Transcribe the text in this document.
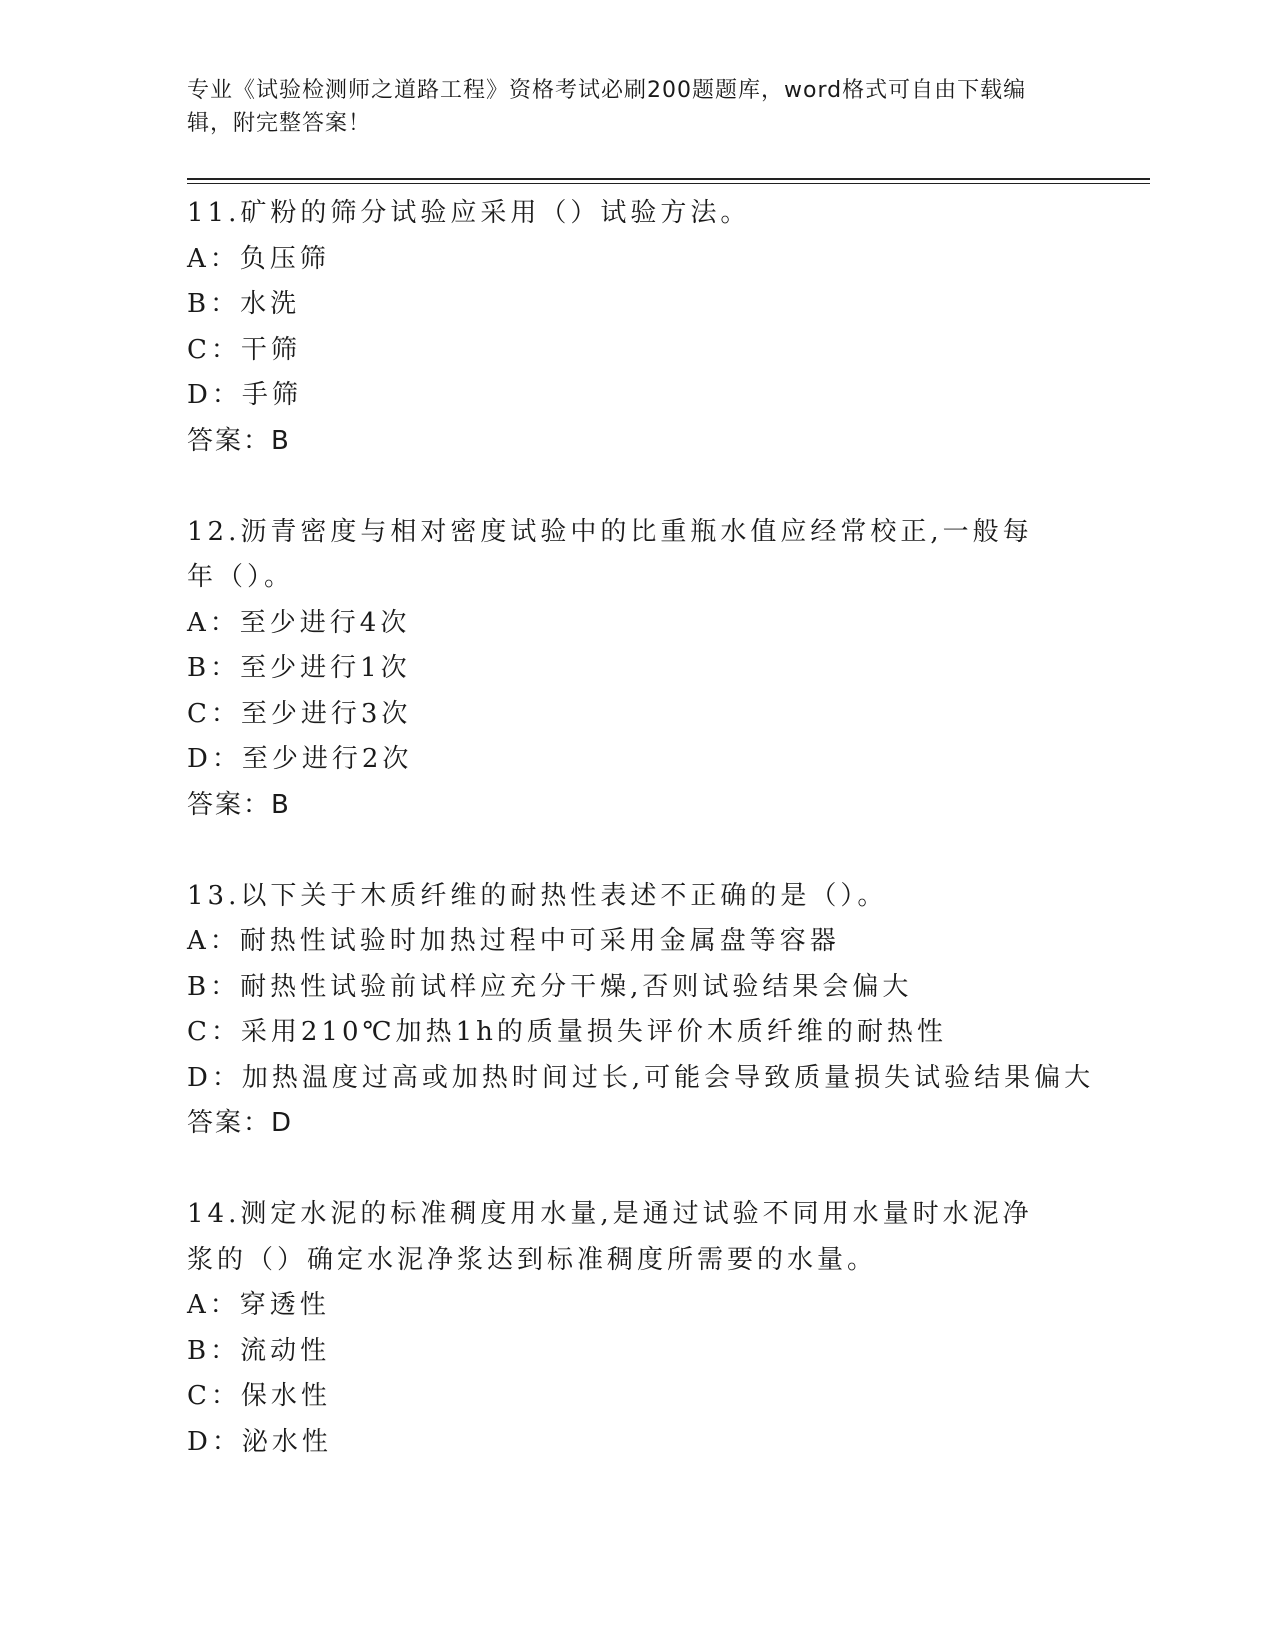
专业《试验检测师之道路工程》资格考试必刷200题题库，word格式可自由下载编辑，附完整答案！
11.矿粉的筛分试验应采用（）试验方法。
A：负压筛
B：水洗
C：干筛
D：手筛
答案：B
12.沥青密度与相对密度试验中的比重瓶水值应经常校正,一般每年（）。
A：至少进行4次
B：至少进行1次
C：至少进行3次
D：至少进行2次
答案：B
13.以下关于木质纤维的耐热性表述不正确的是（）。
A：耐热性试验时加热过程中可采用金属盘等容器
B：耐热性试验前试样应充分干燥,否则试验结果会偏大
C：采用210℃加热1h的质量损失评价木质纤维的耐热性
D：加热温度过高或加热时间过长,可能会导致质量损失试验结果偏大
答案：D
14.测定水泥的标准稠度用水量,是通过试验不同用水量时水泥净浆的（）确定水泥净浆达到标准稠度所需要的水量。
A：穿透性
B：流动性
C：保水性
D：泌水性
